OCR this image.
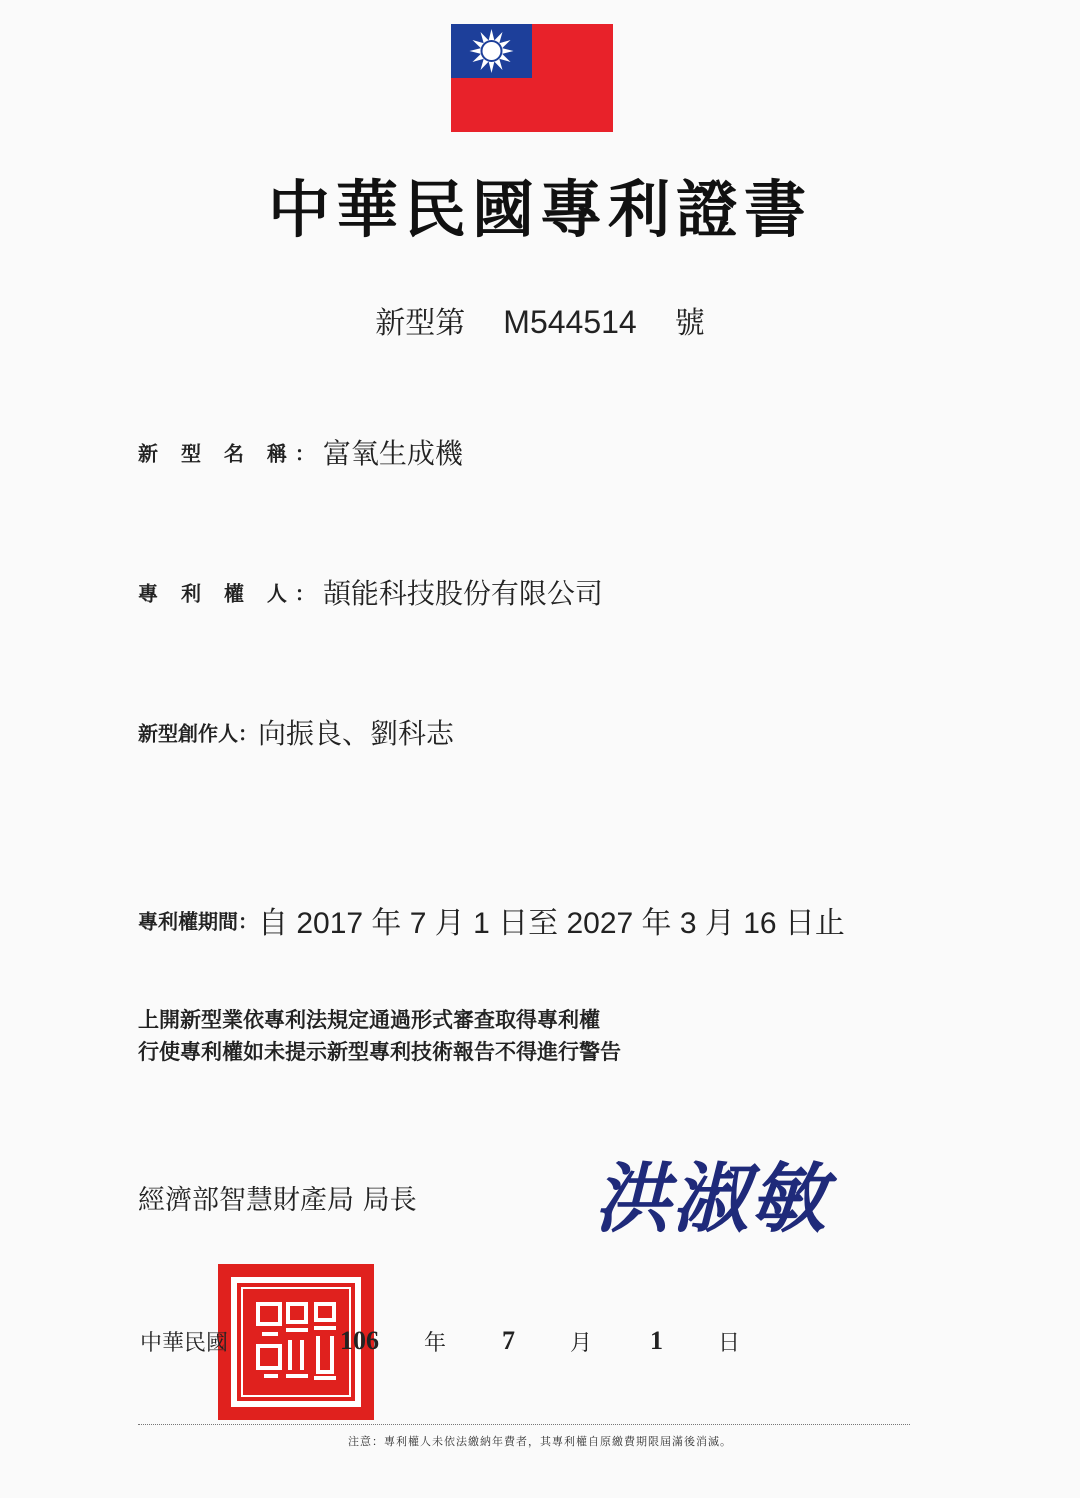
中華民國專利證書
新型第 M544514 號
新 型 名 稱：富氧生成機
專 利 權 人：頡能科技股份有限公司
新型創作人：向振良、劉科志
專利權期間：自 2017 年 7 月 1 日至 2027 年 3 月 16 日止
上開新型業依專利法規定通過形式審查取得專利權
行使專利權如未提示新型專利技術報告不得進行警告
經濟部智慧財產局 局長 洪淑敏
中華民國	106 年 7	月 1	日
注意：專利權人未依法繳納年費者，其專利權自原繳費期限屆滿後消滅。
